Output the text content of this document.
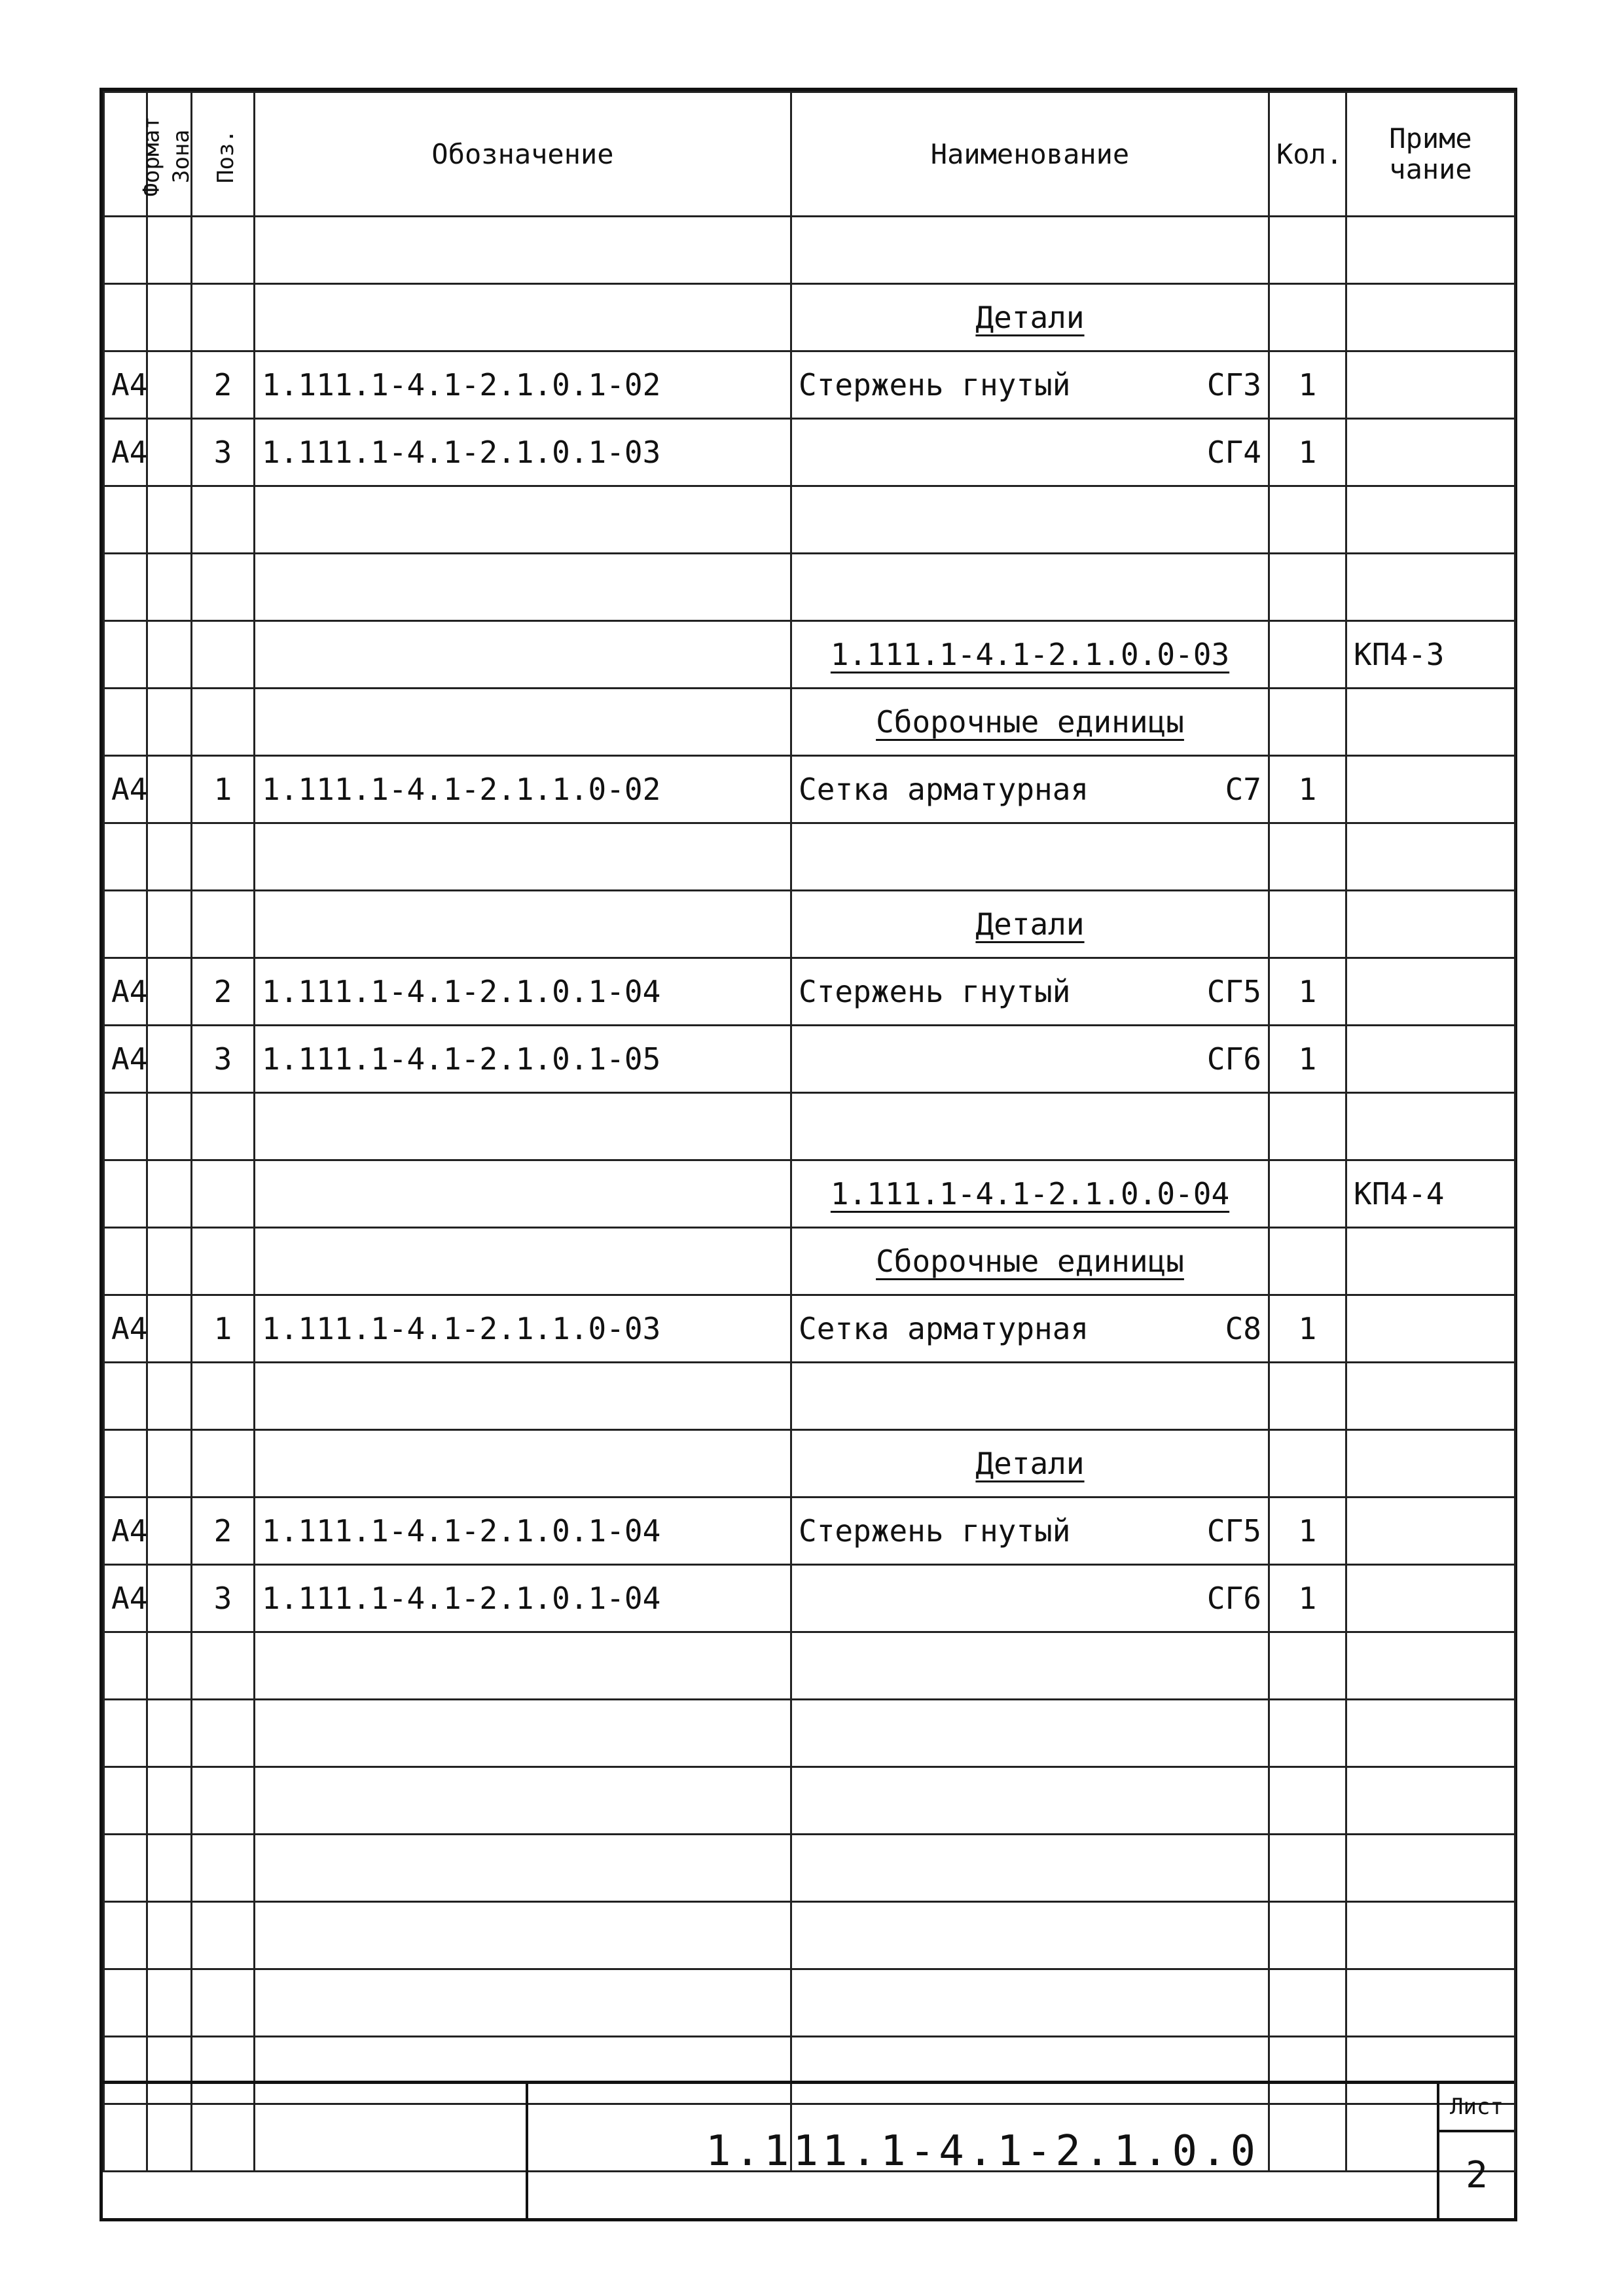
Формат	Зона	Поз.	Обозначение	Наименование	Кол.	Приме чание

				Детали		

А4		2	1.111.1-4.1-2.1.0.1-02	Стержень гнутый СГ3	1	
А4		3	1.111.1-4.1-2.1.0.1-03	СГ4	1	

				1.111.1-4.1-2.1.0.0-03		КП4-3

				Сборочные единицы		

А4		1	1.111.1-4.1-2.1.1.0-02	Сетка арматурная С7	1	

				Детали		

А4		2	1.111.1-4.1-2.1.0.1-04	Стержень гнутый СГ5	1	
А4		3	1.111.1-4.1-2.1.0.1-05	СГ6	1	

				1.111.1-4.1-2.1.0.0-04		КП4-4

				Сборочные единицы		

А4		1	1.111.1-4.1-2.1.1.0-03	Сетка арматурная С8	1	

				Детали		

А4		2	1.111.1-4.1-2.1.0.1-04	Стержень гнутый СГ5	1	
А4		3	1.111.1-4.1-2.1.0.1-04	СГ6	1	

1.111.1-4.1-2.1.0.0
Лист
2
